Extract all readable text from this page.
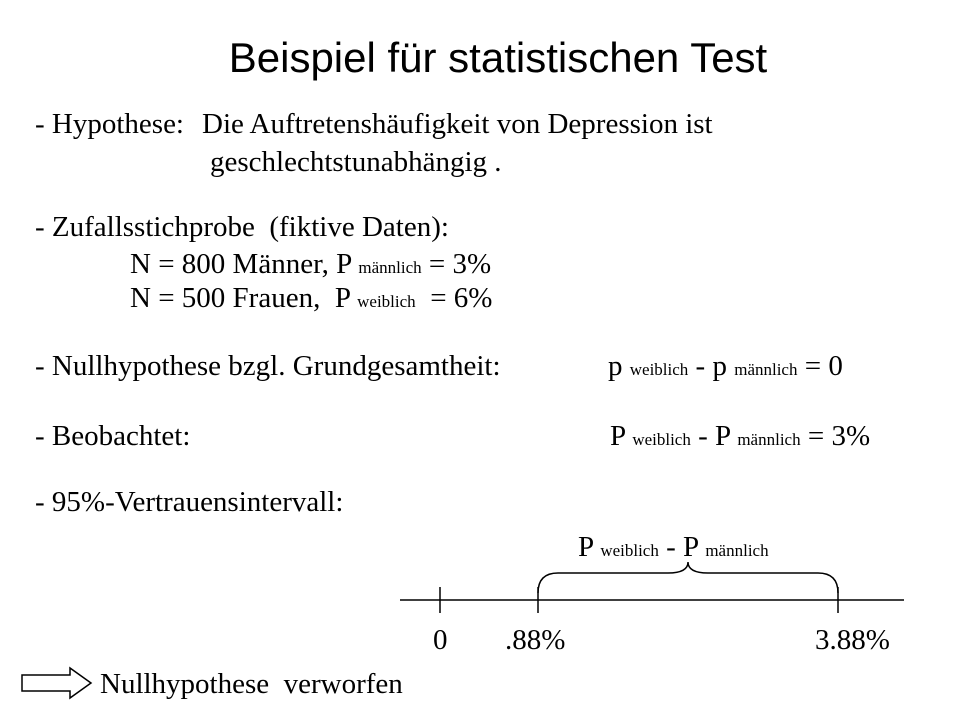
Beispiel für statistischen Test
- Hypothese: Die Auftretenshäufigkeit von Depression ist
geschlechtstunabhängig .
- Zufallsstichprobe  (fiktive Daten):
N = 800 Männer, P männlich = 3%
N = 500 Frauen,  P weiblich = 6%
- Nullhypothese bzgl. Grundgesamtheit:	p weiblich - p männlich = 0
- Beobachtet:	P weiblich - P männlich = 3%
- 95%-Vertrauensintervall:
P weiblich - P männlich
0 .88%	3.88%
Nullhypothese  verworfen
